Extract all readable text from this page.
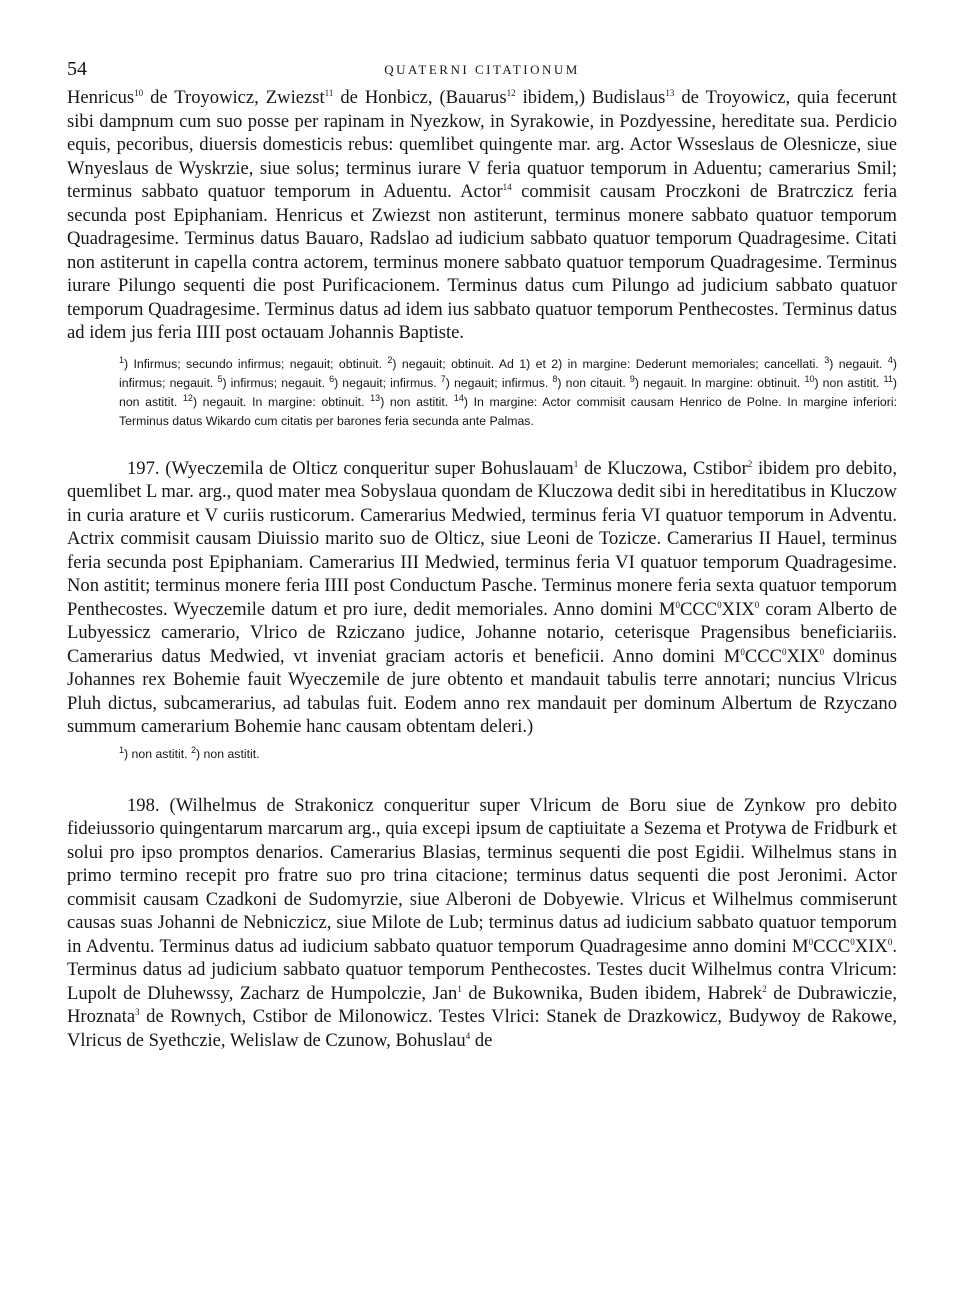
54	QUATERNI CITATIONUM

Henricus$^{10}$ de Troyowicz, Zwiezst$^{11}$ de Honbicz, (Bauarus$^{12}$ ibidem,) Budislaus$^{13}$ de Troyowicz, quia fecerunt sibi dampnum cum suo posse per rapinam in Nyezkow, in Syrakowie, in Pozdyessine, hereditate sua. Perdicio equis, pecoribus, diuersis domesticis rebus: quemlibet quingente mar. arg. Actor Wsseslaus de Olesnicze, siue Wnyeslaus de Wyskrzie, siue solus; terminus iurare V feria quatuor temporum in Aduentu; camerarius Smil; terminus sabbato quatuor temporum in Aduentu. Actor$^{14}$ commisit causam Proczkoni de Bratrczicz feria secunda post Epiphaniam. Henricus et Zwiezst non astiterunt, terminus monere sabbato quatuor temporum Quadragesime. Terminus datus Bauaro, Radslao ad iudicium sabbato quatuor temporum Quadragesime. Citati non astiterunt in capella contra actorem, terminus monere sabbato quatuor temporum Quadragesime. Terminus iurare Pilungo sequenti die post Purificacionem. Terminus datus cum Pilungo ad judicium sabbato quatuor temporum Quadragesime. Terminus datus ad idem ius sabbato quatuor temporum Penthecostes. Terminus datus ad idem jus feria IIII post octauam Johannis Baptiste.

$^1$) Infirmus; secundo infirmus; negauit; obtinuit. $^2$) negauit; obtinuit. Ad 1) et 2) in margine: Dederunt memoriales; cancellati. $^3$) negauit. $^4$) infirmus; negauit. $^5$) infirmus; negauit. $^6$) negauit; infirmus. $^7$) negauit; infirmus. $^8$) non citauit. $^9$) negauit. In margine: obtinuit. $^{10}$) non astitit. $^{11}$) non astitit. $^{12}$) negauit. In margine: obtinuit. $^{13}$) non astitit. $^{14}$) In margine: Actor commisit causam Henrico de Polne. In margine inferiori: Terminus datus Wikardo cum citatis per barones feria secunda ante Palmas.

197. (Wyeczemila de Olticz conqueritur super Bohuslauam$^1$ de Kluczowa, Cstibor$^2$ ibidem pro debito, quemlibet L mar. arg., quod mater mea Sobyslaua quondam de Kluczowa dedit sibi in hereditatibus in Kluczow in curia arature et V curiis rusticorum. Camerarius Medwied, terminus feria VI quatuor temporum in Adventu. Actrix commisit causam Diuissio marito suo de Olticz, siue Leoni de Tozicze. Camerarius II Hauel, terminus feria secunda post Epiphaniam. Camerarius III Medwied, terminus feria VI quatuor temporum Quadragesime. Non astitit; terminus monere feria IIII post Conductum Pasche. Terminus monere feria sexta quatuor temporum Penthecostes. Wyeczemile datum et pro iure, dedit memoriales. Anno domini $M^0CCC^0XIX^0$ coram Alberto de Lubyessicz camerario, Vlrico de Rziczano judice, Johanne notario, ceterisque Pragensibus beneficiariis. Camerarius datus Medwied, vt inveniat graciam actoris et beneficii. Anno domini $M^0CCC^0XIX^0$ dominus Johannes rex Bohemie fauit Wyeczemile de jure obtento et mandauit tabulis terre annotari; nuncius Vlricus Pluh dictus, subcamerarius, ad tabulas fuit. Eodem anno rex mandauit per dominum Albertum de Rzyczano summum camerarium Bohemie hanc causam obtentam deleri.)

$^1$) non astitit. $^2$) non astitit.

198. (Wilhelmus de Strakonicz conqueritur super Vlricum de Boru siue de Zynkow pro debito fideiussorio quingentarum marcarum arg., quia excepi ipsum de captiuitate a Sezema et Protywa de Fridburk et solui pro ipso promptos denarios. Camerarius Blasias, terminus sequenti die post Egidii. Wilhelmus stans in primo termino recepit pro fratre suo pro trina citacione; terminus datus sequenti die post Jeronimi. Actor commisit causam Czadkoni de Sudomyrzie, siue Alberoni de Dobyewie. Vlricus et Wilhelmus commiserunt causas suas Johanni de Nebniczicz, siue Milote de Lub; terminus datus ad iudicium sabbato quatuor temporum in Adventu. Terminus datus ad iudicium sabbato quatuor temporum Quadragesime anno domini $M^0CCC^0XIX^0$. Terminus datus ad judicium sabbato quatuor temporum Penthecostes. Testes ducit Wilhelmus contra Vlricum: Lupolt de Dluhewssy, Zacharz de Humpolczie, Jan$^1$ de Bukownika, Buden ibidem, Habrek$^2$ de Dubrawiczie, Hroznata$^3$ de Rownych, Cstibor de Milonowicz. Testes Vlrici: Stanek de Drazkowicz, Budywoy de Rakowe, Vlricus de Syethczie, Welislaw de Czunow, Bohuslau$^4$ de
